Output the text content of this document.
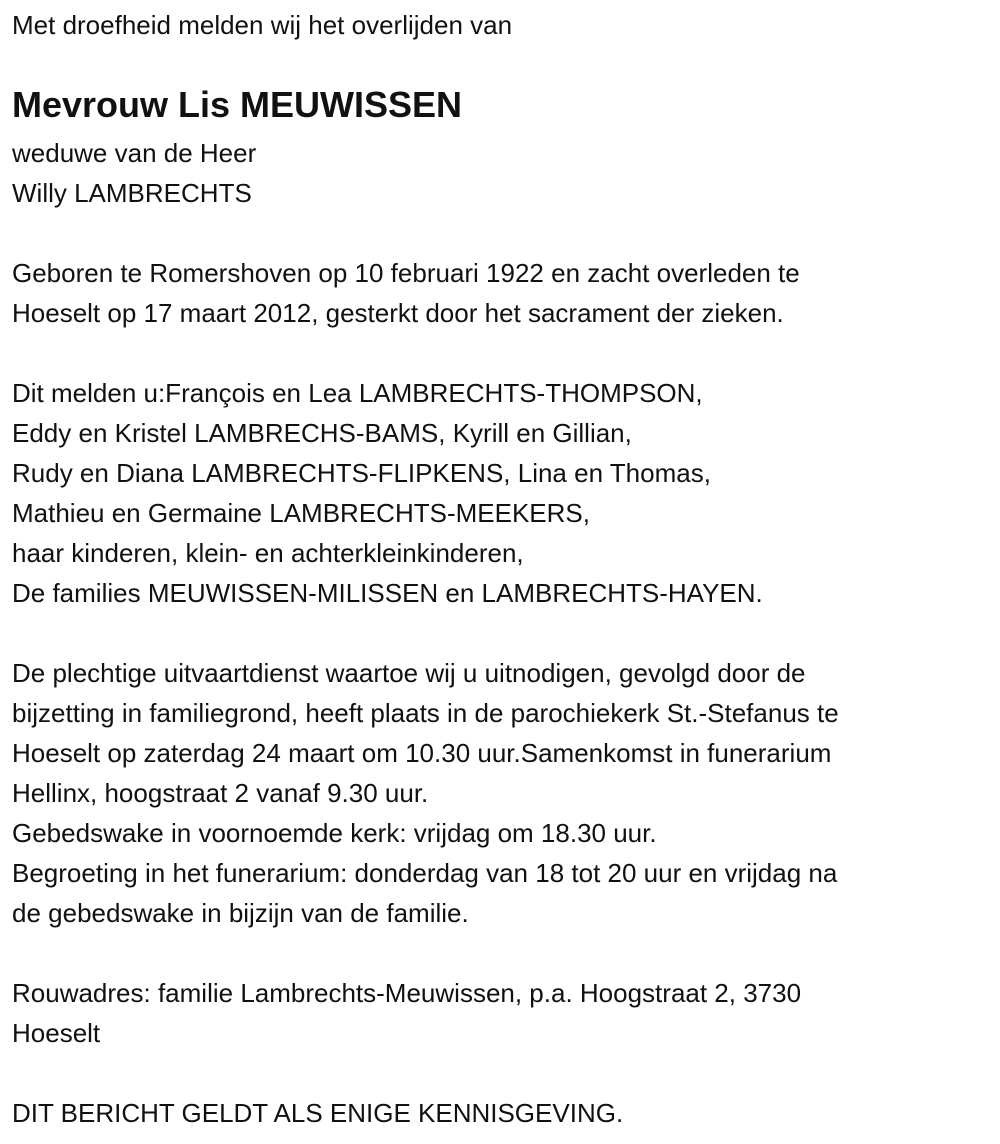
Met droefheid melden wij het overlijden van
Mevrouw Lis MEUWISSEN
weduwe van de Heer
Willy LAMBRECHTS
Geboren te Romershoven op 10 februari 1922 en zacht overleden te
Hoeselt op 17 maart 2012, gesterkt door het sacrament der zieken.
Dit melden u:François en Lea LAMBRECHTS-THOMPSON,
Eddy en Kristel LAMBRECHS-BAMS, Kyrill en Gillian,
Rudy en Diana LAMBRECHTS-FLIPKENS, Lina en Thomas,
Mathieu en Germaine LAMBRECHTS-MEEKERS,
haar kinderen, klein- en achterkleinkinderen,
De families MEUWISSEN-MILISSEN en LAMBRECHTS-HAYEN.
De plechtige uitvaartdienst waartoe wij u uitnodigen, gevolgd door de
bijzetting in familiegrond, heeft plaats in de parochiekerk St.-Stefanus te
Hoeselt op zaterdag 24 maart om 10.30 uur.Samenkomst in funerarium
Hellinx, hoogstraat 2 vanaf 9.30 uur.
Gebedswake in voornoemde kerk: vrijdag om 18.30 uur.
Begroeting in het funerarium: donderdag van 18 tot 20 uur en vrijdag na
de gebedswake in bijzijn van de familie.
Rouwadres: familie Lambrechts-Meuwissen, p.a. Hoogstraat 2, 3730
Hoeselt
DIT BERICHT GELDT ALS ENIGE KENNISGEVING.
